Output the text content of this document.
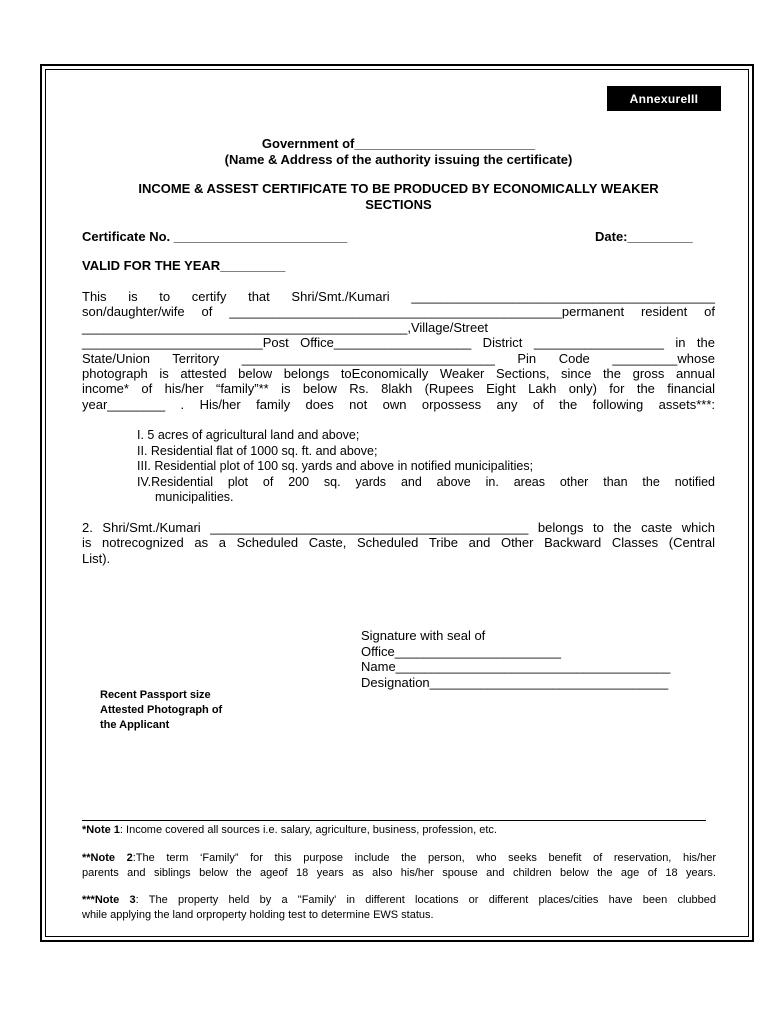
AnnexureIII
Government of_________________________
(Name & Address of the authority issuing the certificate)
INCOME & ASSEST CERTIFICATE TO BE PRODUCED BY ECONOMICALLY WEAKER
SECTIONS
Certificate No. ________________________	Date:_________
VALID FOR THE YEAR_________
This is to certify that Shri/Smt./Kumari __________________________________________
son/daughter/wife of ______________________________________________permanent resident of
_____________________________________________,Village/Street
_________________________Post Office___________________ District __________________ in the
State/Union Territory ___________________________________ Pin Code _________whose
photograph is attested below belongs toEconomically Weaker Sections, since the gross annual
income* of his/her “family”** is below Rs. 8lakh (Rupees Eight Lakh only) for the financial
year________ . His/her family does not own orpossess any of the following assets***:
I. 5 acres of agricultural land and above;
II. Residential flat of 1000 sq. ft. and above;
III. Residential plot of 100 sq. yards and above in notified municipalities;
IV.Residential plot of 200 sq. yards and above in. areas other than the notified
municipalities.
2. Shri/Smt./Kumari ____________________________________________ belongs to the caste which
is notrecognized as a Scheduled Caste, Scheduled Tribe and Other Backward Classes (Central
List).
Signature with seal of
Office_______________________
Name______________________________________
Designation_________________________________
Recent Passport size
Attested Photograph of
the Applicant
*Note 1: Income covered all sources i.e. salary, agriculture, business, profession, etc.
**Note 2:The term ‘Family” for this purpose include the person, who seeks benefit of reservation, his/her
parents and siblings below the ageof 18 years as also his/her spouse and children below the age of 18 years.
***Note 3: The property held by a "Family' in different locations or different places/cities have been clubbed
while applying the land orproperty holding test to determine EWS status.
